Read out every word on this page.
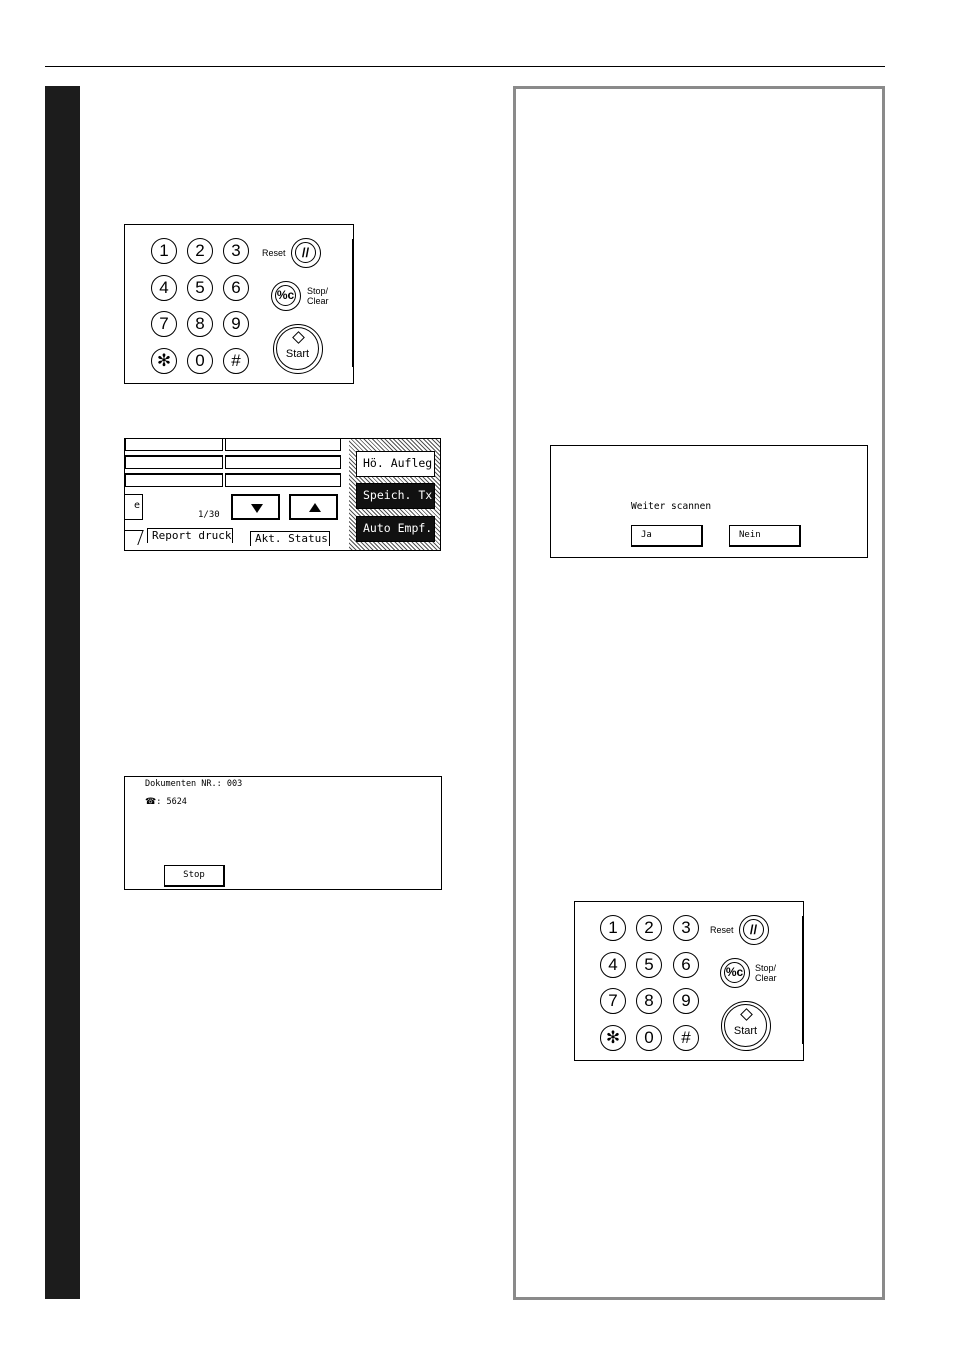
1	2	3
4	5	6
7	8	9
✻	0	#
Reset	//
%c Stop/
Clear
Start
e
1/30
Report druck	Akt. Status
Hö. Aufleg
Speich. Tx
Auto Empf.
Dokumenten NR.: 003
☎: 5624
Stop
Weiter scannen
Ja	Nein
1	2	3
4	5	6
7	8	9
✻	0	#
Reset	//
%c Stop/
Clear
Start
